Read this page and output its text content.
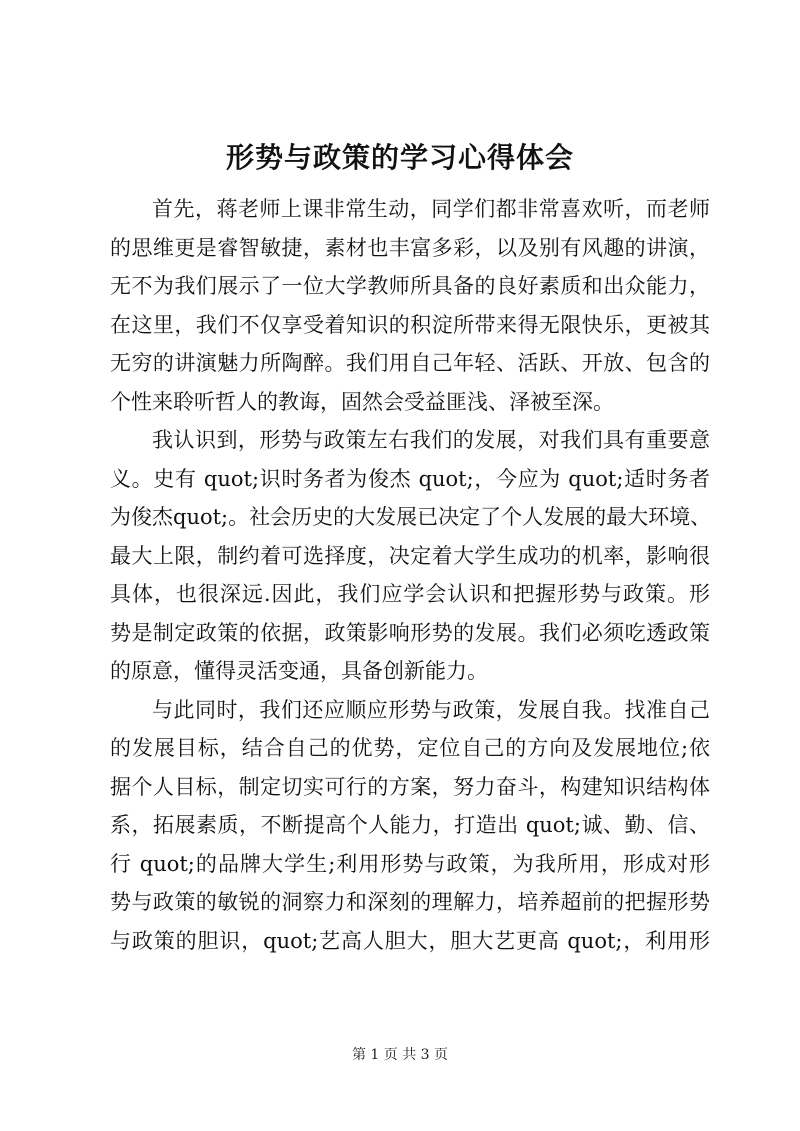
形势与政策的学习心得体会
首先，蒋老师上课非常生动，同学们都非常喜欢听，而老师
的思维更是睿智敏捷，素材也丰富多彩，以及别有风趣的讲演，
无不为我们展示了一位大学教师所具备的良好素质和出众能力，
在这里，我们不仅享受着知识的积淀所带来得无限快乐，更被其
无穷的讲演魅力所陶醉。我们用自己年轻、活跃、开放、包含的
个性来聆听哲人的教诲，固然会受益匪浅、泽被至深。
我认识到，形势与政策左右我们的发展，对我们具有重要意
义。史有 quot;识时务者为俊杰 quot;，今应为 quot;适时务者
为俊杰quot;。社会历史的大发展已决定了个人发展的最大环境、
最大上限，制约着可选择度，决定着大学生成功的机率，影响很
具体，也很深远.因此，我们应学会认识和把握形势与政策。形
势是制定政策的依据，政策影响形势的发展。我们必须吃透政策
的原意，懂得灵活变通，具备创新能力。
与此同时，我们还应顺应形势与政策，发展自我。找准自己
的发展目标，结合自己的优势，定位自己的方向及发展地位;依
据个人目标，制定切实可行的方案，努力奋斗，构建知识结构体
系，拓展素质，不断提高个人能力，打造出 quot;诚、勤、信、
行 quot;的品牌大学生;利用形势与政策，为我所用，形成对形
势与政策的敏锐的洞察力和深刻的理解力，培养超前的把握形势
与政策的胆识，quot;艺高人胆大，胆大艺更高 quot;，利用形
第 1 页 共 3 页
